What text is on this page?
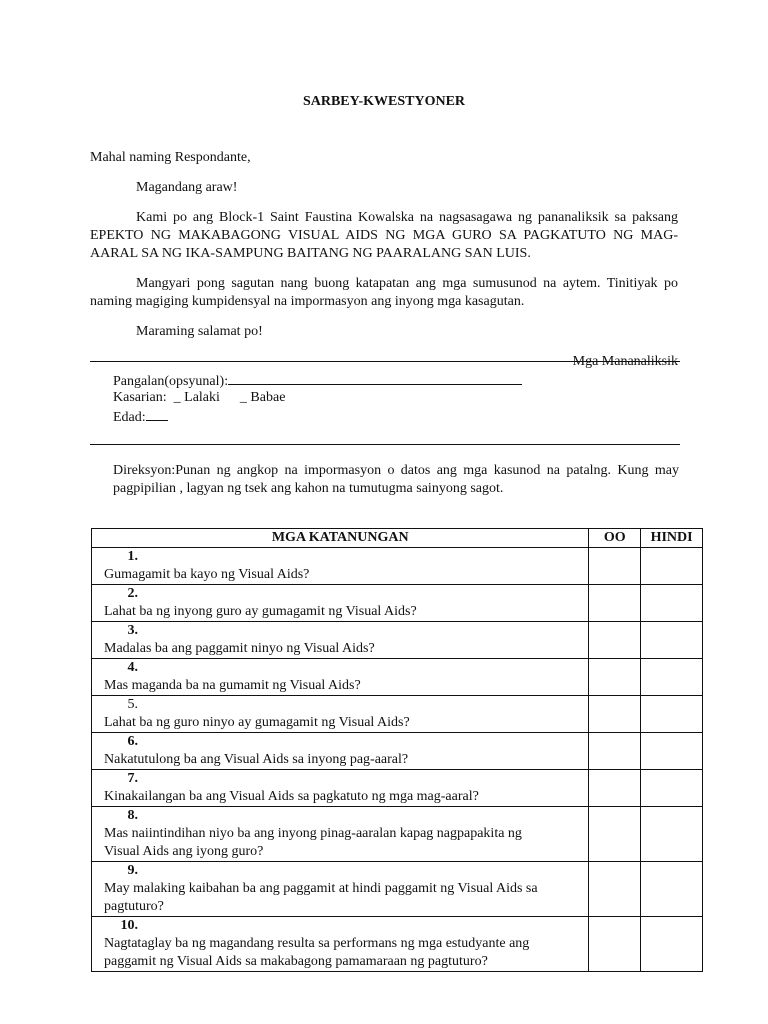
SARBEY-KWESTYONER

Mahal naming Respondante,

Magandang araw!

Kami po ang Block-1 Saint Faustina Kowalska na nagsasagawa ng pananaliksik sa paksang EPEKTO NG MAKABAGONG VISUAL AIDS NG MGA GURO SA PAGKATUTO NG MAG-AARAL SA NG IKA-SAMPUNG BAITANG NG PAARALANG SAN LUIS.

Mangyari pong sagutan nang buong katapatan ang mga sumusunod na aytem. Tinitiyak po naming magiging kumpidensyal na impormasyon ang inyong mga kasagutan.

Maraming salamat po!

Mga Mananaliksik

Pangalan(opsyunal):
Kasarian: _ Lalaki _ Babae
Edad:
Direksyon:Punan ng angkop na impormasyon o datos ang mga kasunod na patalng. Kung may pagpipilian , lagyan ng tsek ang kahon na tumutugma sainyong sagot.
MGA KATANUNGAN	OO	HINDI
1.Gumagamit ba kayo ng Visual Aids?		
2.Lahat ba ng inyong guro ay gumagamit ng Visual Aids?		
3.Madalas ba ang paggamit ninyo ng Visual Aids?		
4.Mas maganda ba na gumamit ng Visual Aids?		
5.Lahat ba ng guro ninyo ay gumagamit ng Visual Aids?		
6.Nakatutulong ba ang Visual Aids sa inyong pag-aaral?		
7.Kinakailangan ba ang Visual Aids sa pagkatuto ng mga mag-aaral?		
8.Mas naiintindihan niyo ba ang inyong pinag-aaralan kapag nagpapakita ng Visual Aids ang iyong guro?		
9.May malaking kaibahan ba ang paggamit at hindi paggamit ng Visual Aids sa pagtuturo?		
10.Nagtataglay ba ng magandang resulta sa performans ng mga estudyante ang paggamit ng Visual Aids sa makabagong pamamaraan ng pagtuturo?		
